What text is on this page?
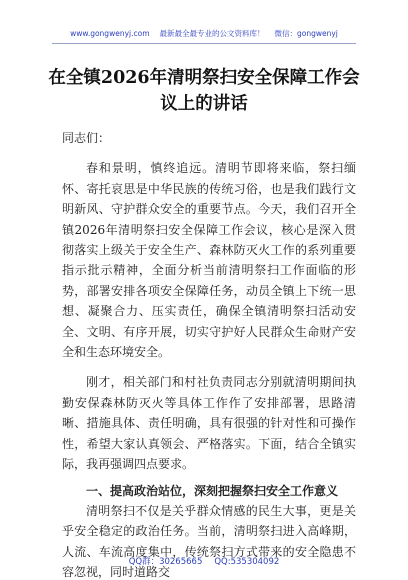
www.gongwenyj.com 最新最全最专业的公文资料库！ 微信：gongwenyj
在全镇2026年清明祭扫安全保障工作会
议上的讲话

同志们：

春和景明，慎终追远。清明节即将来临，祭扫缅怀、寄托哀思是中华民族的传统习俗，也是我们践行文明新风、守护群众安全的重要节点。今天，我们召开全镇2026年清明祭扫安全保障工作会议，核心是深入贯彻落实上级关于安全生产、森林防灭火工作的系列重要指示批示精神，全面分析当前清明祭扫工作面临的形势，部署安排各项安全保障任务，动员全镇上下统一思想、凝聚合力、压实责任，确保全镇清明祭扫活动安全、文明、有序开展，切实守护好人民群众生命财产安全和生态环境安全。

刚才，相关部门和村社负责同志分别就清明期间执勤安保森林防灭火等具体工作作了安排部署，思路清晰、措施具体、责任明确，具有很强的针对性和可操作性，希望大家认真领会、严格落实。下面，结合全镇实际，我再强调四点要求。

一、提高政治站位，深刻把握祭扫安全工作意义

清明祭扫不仅是关乎群众情感的民生大事，更是关乎安全稳定的政治任务。当前，清明祭扫进入高峰期，人流、车流高度集中，传统祭扫方式带来的安全隐患不容忽视，同时道路交

QQ群：30265665 QQ:535304092
